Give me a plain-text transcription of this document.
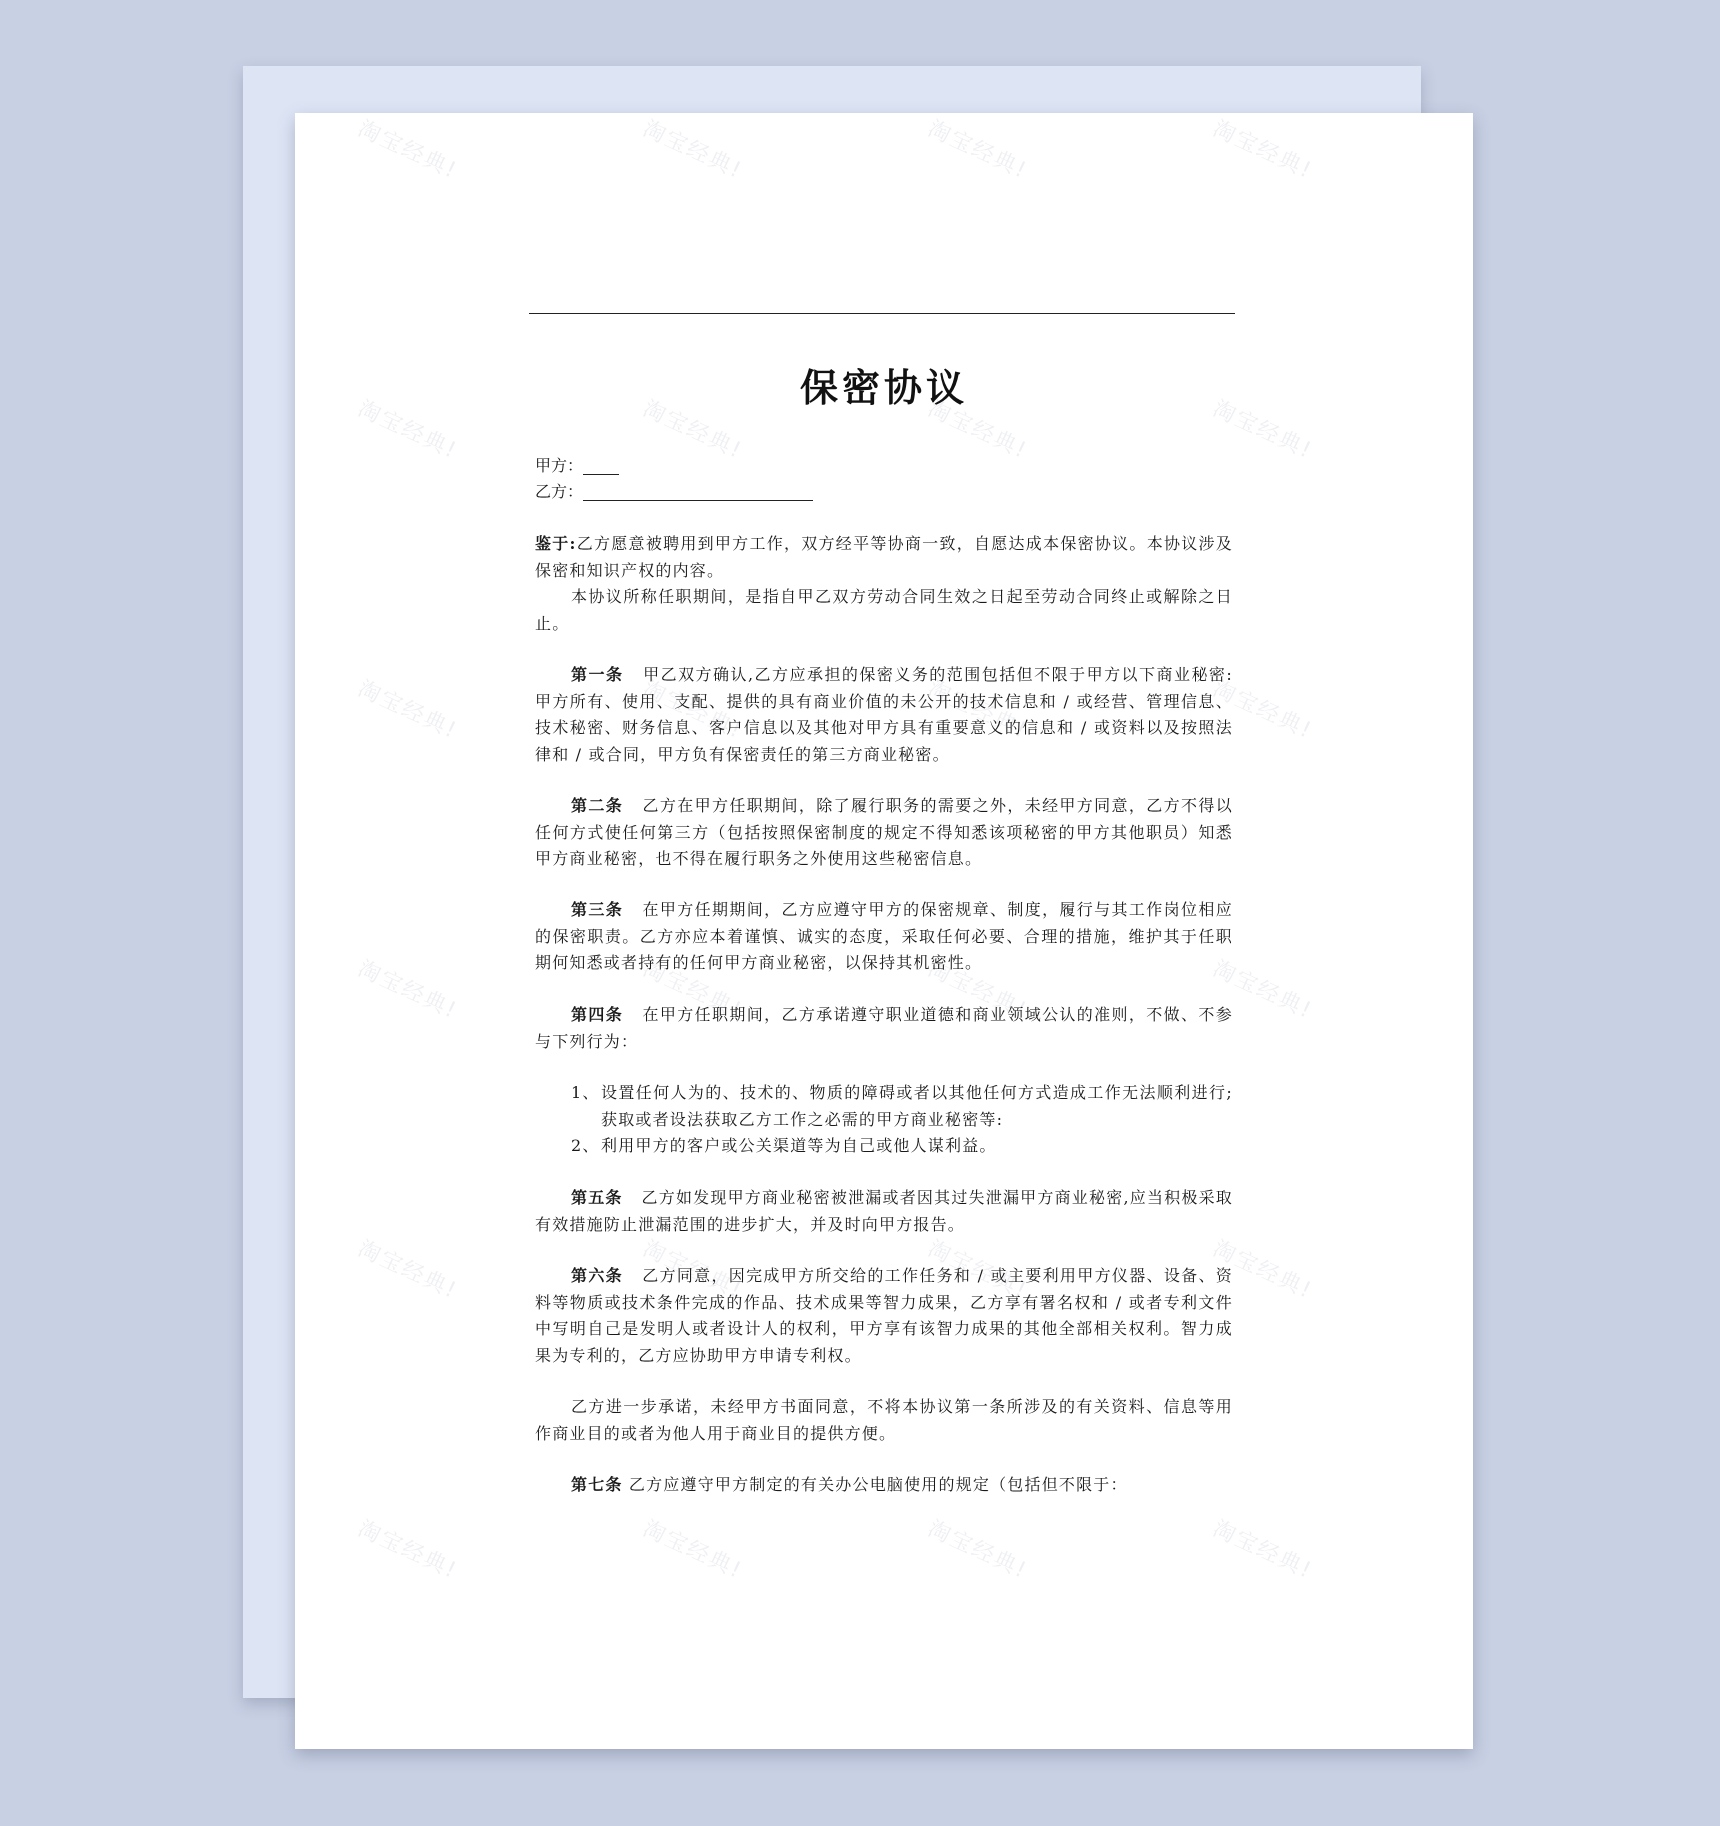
淘宝经典!	淘宝经典!	淘宝经典!	淘宝经典!
淘宝经典!	淘宝经典!	淘宝经典!	淘宝经典!
淘宝经典!	淘宝经典!	淘宝经典!	淘宝经典!
淘宝经典!	淘宝经典!	淘宝经典!	淘宝经典!
淘宝经典!	淘宝经典!	淘宝经典!	淘宝经典!
淘宝经典!	淘宝经典!	淘宝经典!	淘宝经典!
保密协议
甲方：
乙方：
鉴于:乙方愿意被聘用到甲方工作，双方经平等协商一致，自愿达成本保密协议。本协议涉及保密和知识产权的内容。
本协议所称任职期间，是指自甲乙双方劳动合同生效之日起至劳动合同终止或解除之日止。
第一条 甲乙双方确认,乙方应承担的保密义务的范围包括但不限于甲方以下商业秘密:甲方所有、使用、支配、提供的具有商业价值的未公开的技术信息和 / 或经营、管理信息、技术秘密、财务信息、客户信息以及其他对甲方具有重要意义的信息和 / 或资料以及按照法律和 / 或合同，甲方负有保密责任的第三方商业秘密。
第二条 乙方在甲方任职期间，除了履行职务的需要之外，未经甲方同意，乙方不得以任何方式使任何第三方（包括按照保密制度的规定不得知悉该项秘密的甲方其他职员）知悉甲方商业秘密，也不得在履行职务之外使用这些秘密信息。
第三条 在甲方任期期间，乙方应遵守甲方的保密规章、制度，履行与其工作岗位相应的保密职责。乙方亦应本着谨慎、诚实的态度，采取任何必要、合理的措施，维护其于任职期何知悉或者持有的任何甲方商业秘密，以保持其机密性。
第四条 在甲方任职期间，乙方承诺遵守职业道德和商业领域公认的准则，不做、不参与下列行为：
1、 设置任何人为的、技术的、物质的障碍或者以其他任何方式造成工作无法顺利进行;获取或者设法获取乙方工作之必需的甲方商业秘密等:
2、 利用甲方的客户或公关渠道等为自己或他人谋利益。
第五条 乙方如发现甲方商业秘密被泄漏或者因其过失泄漏甲方商业秘密,应当积极采取有效措施防止泄漏范围的进步扩大，并及时向甲方报告。
第六条 乙方同意，因完成甲方所交给的工作任务和 / 或主要利用甲方仪器、设备、资料等物质或技术条件完成的作品、技术成果等智力成果，乙方享有署名权和 / 或者专利文件中写明自己是发明人或者设计人的权利，甲方享有该智力成果的其他全部相关权利。智力成果为专利的，乙方应协助甲方申请专利权。
乙方进一步承诺，未经甲方书面同意，不将本协议第一条所涉及的有关资料、信息等用作商业目的或者为他人用于商业目的提供方便。
第七条 乙方应遵守甲方制定的有关办公电脑使用的规定（包括但不限于：
